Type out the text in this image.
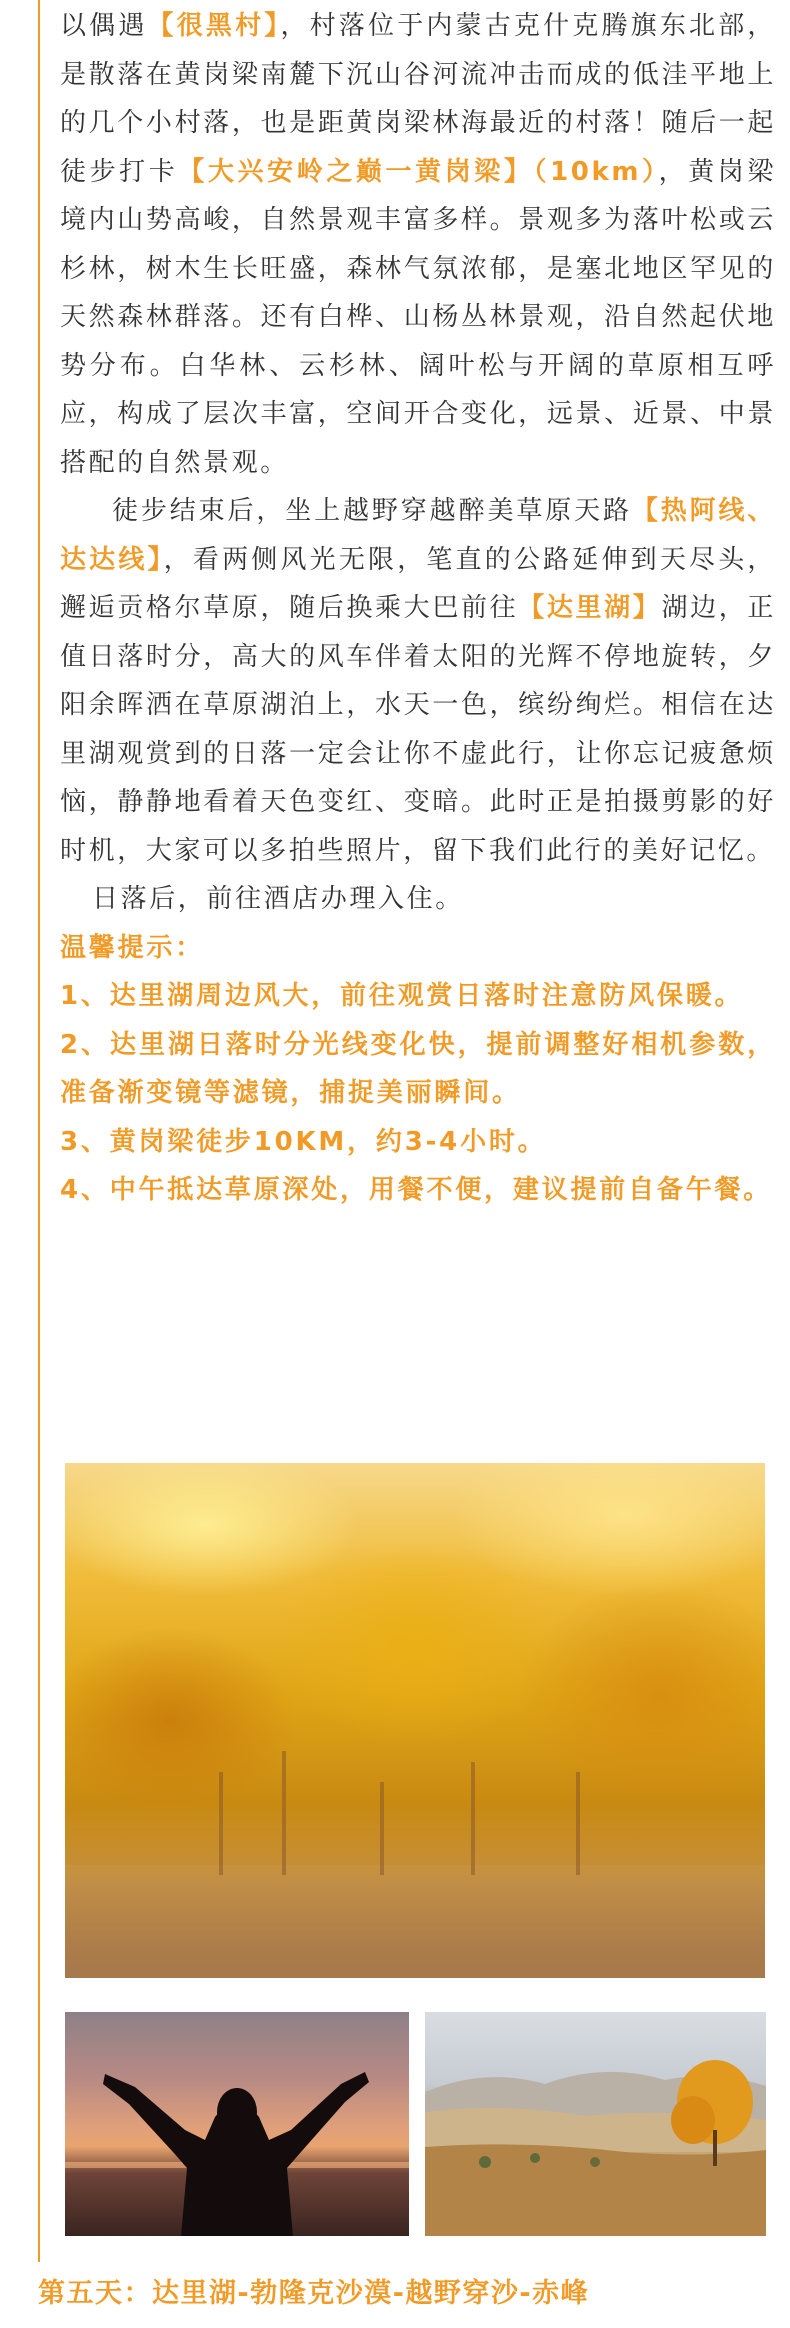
以偶遇【很黑村】，村落位于内蒙古克什克腾旗东北部，是散落在黄岗梁南麓下沉山谷河流冲击而成的低洼平地上的几个小村落，也是距黄岗梁林海最近的村落！随后一起徒步打卡【大兴安岭之巅一黄岗梁】（10km），黄岗梁境内山势高峻，自然景观丰富多样。景观多为落叶松或云杉林，树木生长旺盛，森林气氛浓郁，是塞北地区罕见的天然森林群落。还有白桦、山杨丛林景观，沿自然起伏地势分布。白华林、云杉林、阔叶松与开阔的草原相互呼应，构成了层次丰富，空间开合变化，远景、近景、中景搭配的自然景观。

徒步结束后，坐上越野穿越醉美草原天路【热阿线、达达线】，看两侧风光无限，笔直的公路延伸到天尽头，邂逅贡格尔草原，随后换乘大巴前往【达里湖】湖边，正值日落时分，高大的风车伴着太阳的光辉不停地旋转，夕阳余晖洒在草原湖泊上，水天一色，缤纷绚烂。相信在达里湖观赏到的日落一定会让你不虚此行，让你忘记疲惫烦恼，静静地看着天色变红、变暗。此时正是拍摄剪影的好时机，大家可以多拍些照片，留下我们此行的美好记忆。

日落后，前往酒店办理入住。

温馨提示：

1、达里湖周边风大，前往观赏日落时注意防风保暖。

2、达里湖日落时分光线变化快，提前调整好相机参数，准备渐变镜等滤镜，捕捉美丽瞬间。

3、黄岗梁徒步10KM，约3-4小时。

4、中午抵达草原深处，用餐不便，建议提前自备午餐。

第五天：达里湖-勃隆克沙漠-越野穿沙-赤峰
